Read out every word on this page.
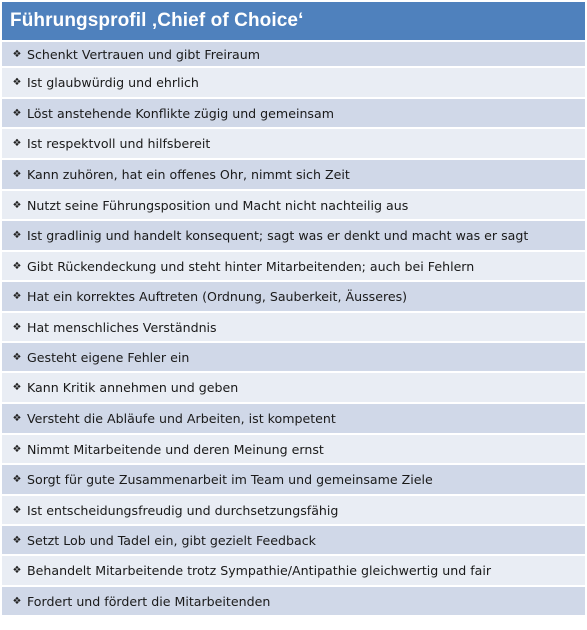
Führungsprofil ‚Chief of Choice‘
❖ Schenkt Vertrauen und gibt Freiraum
❖ Ist glaubwürdig und ehrlich
❖ Löst anstehende Konflikte zügig und gemeinsam
❖ Ist respektvoll und hilfsbereit
❖ Kann zuhören, hat ein offenes Ohr, nimmt sich Zeit
❖ Nutzt seine Führungsposition und Macht nicht nachteilig aus
❖ Ist gradlinig und handelt konsequent; sagt was er denkt und macht was er sagt
❖ Gibt Rückendeckung und steht hinter Mitarbeitenden; auch bei Fehlern
❖ Hat ein korrektes Auftreten (Ordnung, Sauberkeit, Äusseres)
❖ Hat menschliches Verständnis
❖ Gesteht eigene Fehler ein
❖ Kann Kritik annehmen und geben
❖ Versteht die Abläufe und Arbeiten, ist kompetent
❖ Nimmt Mitarbeitende und deren Meinung ernst
❖ Sorgt für gute Zusammenarbeit im Team und gemeinsame Ziele
❖ Ist entscheidungsfreudig und durchsetzungsfähig
❖ Setzt Lob und Tadel ein, gibt gezielt Feedback
❖ Behandelt Mitarbeitende trotz Sympathie/Antipathie gleichwertig und fair
❖ Fordert und fördert die Mitarbeitenden
